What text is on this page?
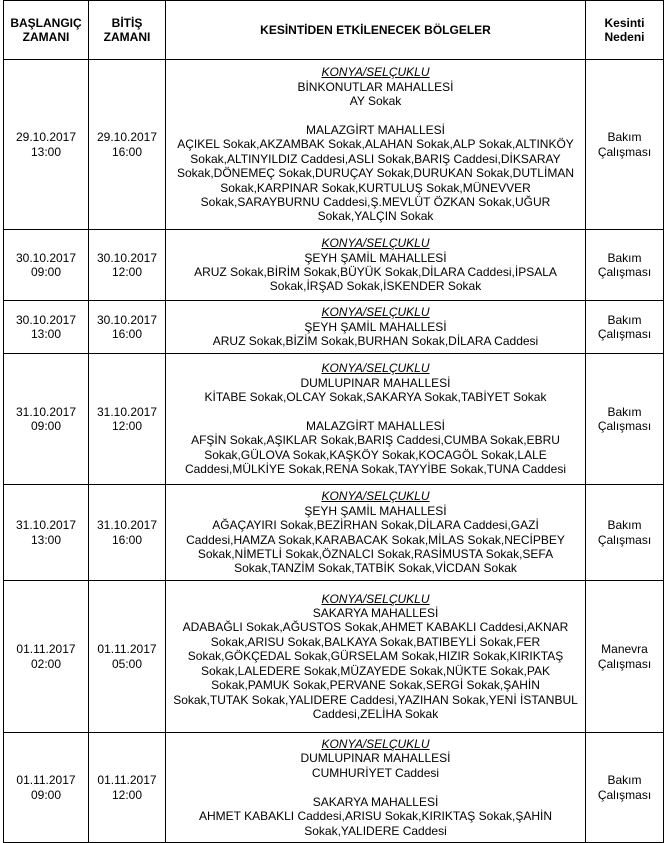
BAŞLANGIÇ
ZAMANI	BİTİŞ
ZAMANI	KESİNTİDEN ETKİLENECEK BÖLGELER	Kesinti
Nedeni

29.10.2017
13:00	29.10.2017
16:00	KONYA/SELÇUKLU
BİNKONUTLAR MAHALLESİ
AY Sokak
MALAZGİRT MAHALLESİ
AÇIKEL Sokak,AKZAMBAK Sokak,ALAHAN Sokak,ALP Sokak,ALTINKÖY Sokak,ALTINYILDIZ Caddesi,ASLI Sokak,BARIŞ Caddesi,DİKSARAY Sokak,DÖNEMEÇ Sokak,DURUÇAY Sokak,DURUKAN Sokak,DUTLİMAN Sokak,KARPINAR Sokak,KURTULUŞ Sokak,MÜNEVVER Sokak,SARAYBURNU Caddesi,Ş.MEVLÜT ÖZKAN Sokak,UĞUR Sokak,YALÇIN Sokak	Bakım
Çalışması

30.10.2017
09:00	30.10.2017
12:00	KONYA/SELÇUKLU
ŞEYH ŞAMİL MAHALLESİ
ARUZ Sokak,BİRİM Sokak,BÜYÜK Sokak,DİLARA Caddesi,İPSALA Sokak,İRŞAD Sokak,İSKENDER Sokak	Bakım
Çalışması

30.10.2017
13:00	30.10.2017
16:00	KONYA/SELÇUKLU
ŞEYH ŞAMİL MAHALLESİ
ARUZ Sokak,BİZİM Sokak,BURHAN Sokak,DİLARA Caddesi	Bakım
Çalışması

31.10.2017
09:00	31.10.2017
12:00	KONYA/SELÇUKLU
DUMLUPINAR MAHALLESİ
KİTABE Sokak,OLCAY Sokak,SAKARYA Sokak,TABİYET Sokak
MALAZGİRT MAHALLESİ
AFŞİN Sokak,AŞIKLAR Sokak,BARIŞ Caddesi,CUMBA Sokak,EBRU Sokak,GÜLOVA Sokak,KAŞKÖY Sokak,KOCAGÖL Sokak,LALE Caddesi,MÜLKİYE Sokak,RENA Sokak,TAYYİBE Sokak,TUNA Caddesi	Bakım
Çalışması

31.10.2017
13:00	31.10.2017
16:00	KONYA/SELÇUKLU
ŞEYH ŞAMİL MAHALLESİ
AĞAÇAYIRI Sokak,BEZİRHAN Sokak,DİLARA Caddesi,GAZİ Caddesi,HAMZA Sokak,KARABACAK Sokak,MİLAS Sokak,NECİPBEY Sokak,NİMETLİ Sokak,ÖZNALCI Sokak,RASİMUSTA Sokak,SEFA Sokak,TANZİM Sokak,TATBİK Sokak,VİCDAN Sokak	Bakım
Çalışması

01.11.2017
02:00	01.11.2017
05:00	KONYA/SELÇUKLU
SAKARYA MAHALLESİ
ADABAĞLI Sokak,AĞUSTOS Sokak,AHMET KABAKLI Caddesi,AKNAR Sokak,ARISU Sokak,BALKAYA Sokak,BATIBEYLİ Sokak,FER Sokak,GÖKÇEDAL Sokak,GÜRSELAM Sokak,HIZIR Sokak,KIRIKTAŞ Sokak,LALEDERE Sokak,MÜZAYEDE Sokak,NÜKTE Sokak,PAK Sokak,PAMUK Sokak,PERVANE Sokak,SERGİ Sokak,ŞAHİN Sokak,TUTAK Sokak,YALIDERE Caddesi,YAZIHAN Sokak,YENİ İSTANBUL Caddesi,ZELİHA Sokak	Manevra
Çalışması

01.11.2017
09:00	01.11.2017
12:00	KONYA/SELÇUKLU
DUMLUPINAR MAHALLESİ
CUMHURİYET Caddesi
SAKARYA MAHALLESİ
AHMET KABAKLI Caddesi,ARISU Sokak,KIRIKTAŞ Sokak,ŞAHİN Sokak,YALIDERE Caddesi	Bakım
Çalışması
